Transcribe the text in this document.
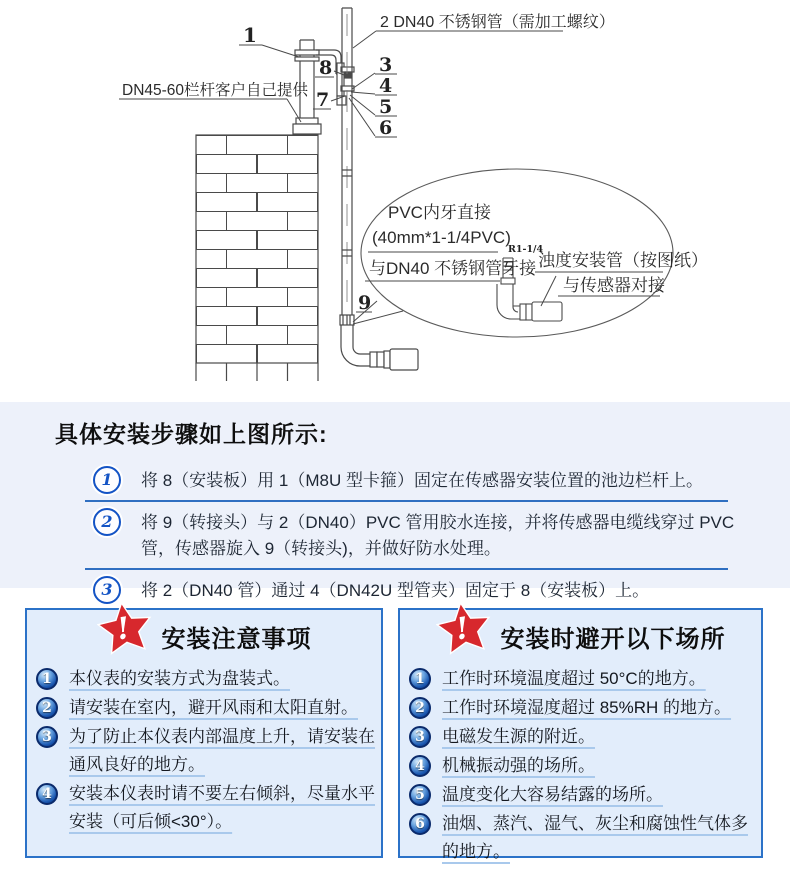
1
2 DN40 不锈钢管（需加工螺纹）
8
7
3
4
5
6
DN45-60栏杆客户自己提供
9
PVC内牙直接
(40mm*1-1/4PVC)
与DN40 不锈钢管牙接
R1-1/4
浊度安装管（按图纸）
与传感器对接
具体安装步骤如上图所示:
1	将 8（安装板）用 1（M8U 型卡箍）固定在传感器安装位置的池边栏杆上。

2	将 9（转接头）与 2（DN40）PVC 管用胶水连接，并将传感器电缆线穿过 PVC 管，传感器旋入 9（转接头)，并做好防水处理。

3	将 2（DN40 管）通过 4（DN42U 型管夹）固定于 8（安装板）上。

! 安装注意事项
1	本仪表的安装方式为盘装式。

2	请安装在室内，避开风雨和太阳直射。

3	为了防止本仪表内部温度上升，请安装在通风良好的地方。

4	安装本仪表时请不要左右倾斜，尽量水平安装（可后倾<30°）。

! 安装时避开以下场所
1	工作时环境温度超过 50°C的地方。

2	工作时环境湿度超过 85%RH 的地方。

3	电磁发生源的附近。

4	机械振动强的场所。

5	温度变化大容易结露的场所。

6	油烟、蒸汽、湿气、灰尘和腐蚀性气体多的地方。
